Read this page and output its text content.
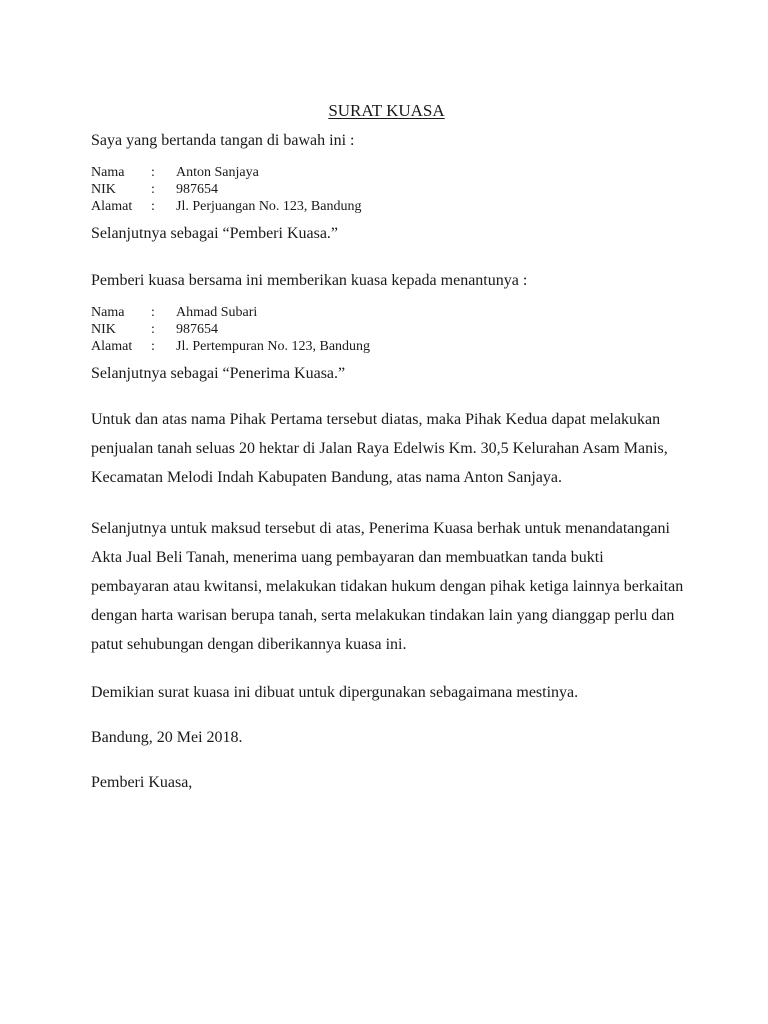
SURAT KUASA
Saya yang bertanda tangan di bawah ini :
Nama	:	Anton Sanjaya
NIK	:	987654
Alamat	:	Jl. Perjuangan No. 123, Bandung
Selanjutnya sebagai “Pemberi Kuasa.”
Pemberi kuasa bersama ini memberikan kuasa kepada menantunya :
Nama	:	Ahmad Subari
NIK	:	987654
Alamat	:	Jl. Pertempuran No. 123, Bandung
Selanjutnya sebagai “Penerima Kuasa.”

Untuk dan atas nama Pihak Pertama tersebut diatas, maka Pihak Kedua dapat melakukan penjualan tanah seluas 20 hektar di Jalan Raya Edelwis Km. 30,5 Kelurahan Asam Manis, Kecamatan Melodi Indah Kabupaten Bandung, atas nama Anton Sanjaya.

Selanjutnya untuk maksud tersebut di atas, Penerima Kuasa berhak untuk menandatangani Akta Jual Beli Tanah, menerima uang pembayaran dan membuatkan tanda bukti pembayaran atau kwitansi, melakukan tidakan hukum dengan pihak ketiga lainnya berkaitan dengan harta warisan berupa tanah, serta melakukan tindakan lain yang dianggap perlu dan patut sehubungan dengan diberikannya kuasa ini.

Demikian surat kuasa ini dibuat untuk dipergunakan sebagaimana mestinya.
Bandung, 20 Mei 2018.
Pemberi Kuasa,
